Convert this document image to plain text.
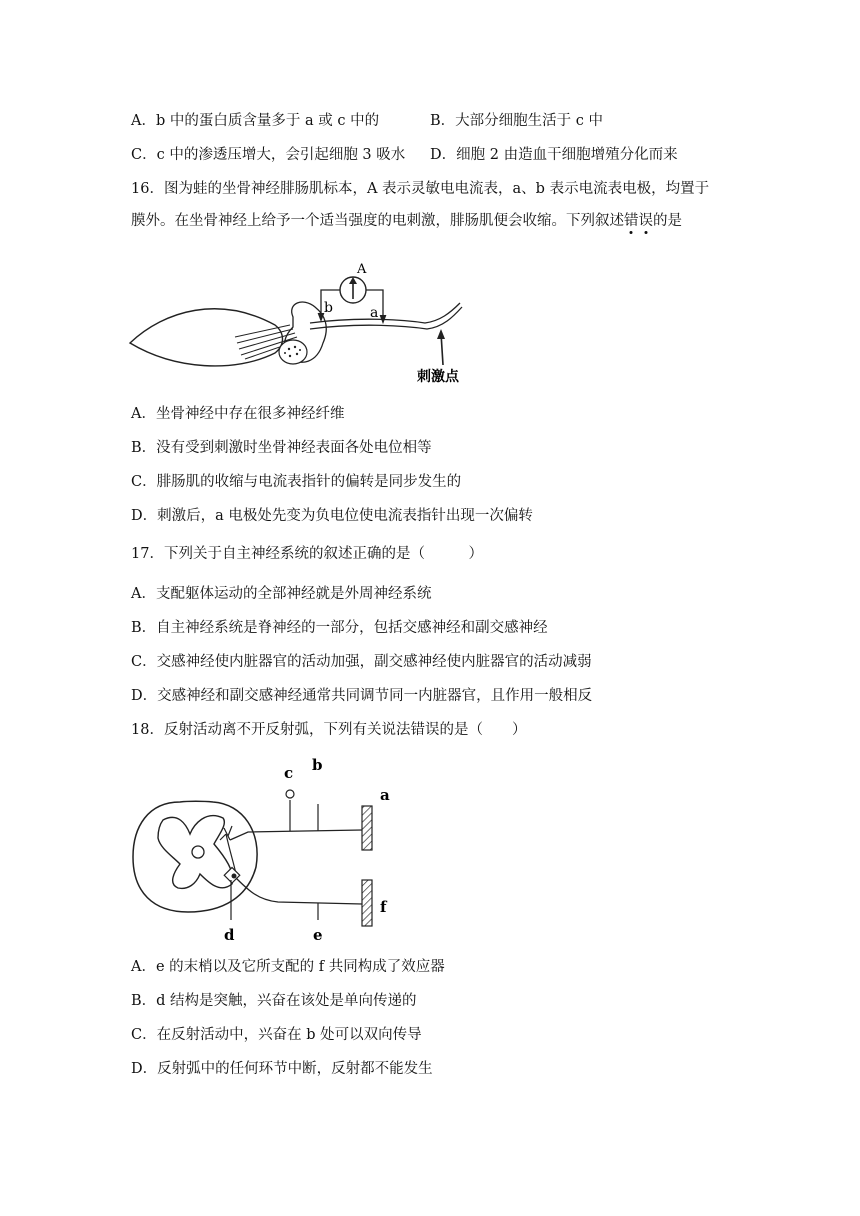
A．b 中的蛋白质含量多于 a 或 c 中的	B．大部分细胞生活于 c 中
C．c 中的渗透压增大，会引起细胞 3 吸水 D．细胞 2 由造血干细胞增殖分化而来
16．图为蛙的坐骨神经腓肠肌标本，A 表示灵敏电电流表，a、b 表示电流表电极，均置于
膜外。在坐骨神经上给予一个适当强度的电刺激，腓肠肌便会收缩。下列叙述错误的是
A
b	a
刺激点
A．坐骨神经中存在很多神经纤维
B．没有受到刺激时坐骨神经表面各处电位相等
C．腓肠肌的收缩与电流表指针的偏转是同步发生的
D．刺激后，a 电极处先变为负电位使电流表指针出现一次偏转
17．下列关于自主神经系统的叙述正确的是（　　　）
A．支配躯体运动的全部神经就是外周神经系统
B．自主神经系统是脊神经的一部分，包括交感神经和副交感神经
C．交感神经使内脏器官的活动加强，副交感神经使内脏器官的活动减弱
D．交感神经和副交感神经通常共同调节同一内脏器官，且作用一般相反
18．反射活动离不开反射弧，下列有关说法错误的是（　　）
c b
a
f
d	e
A．e 的末梢以及它所支配的 f 共同构成了效应器
B．d 结构是突触，兴奋在该处是单向传递的
C．在反射活动中，兴奋在 b 处可以双向传导
D．反射弧中的任何环节中断，反射都不能发生
